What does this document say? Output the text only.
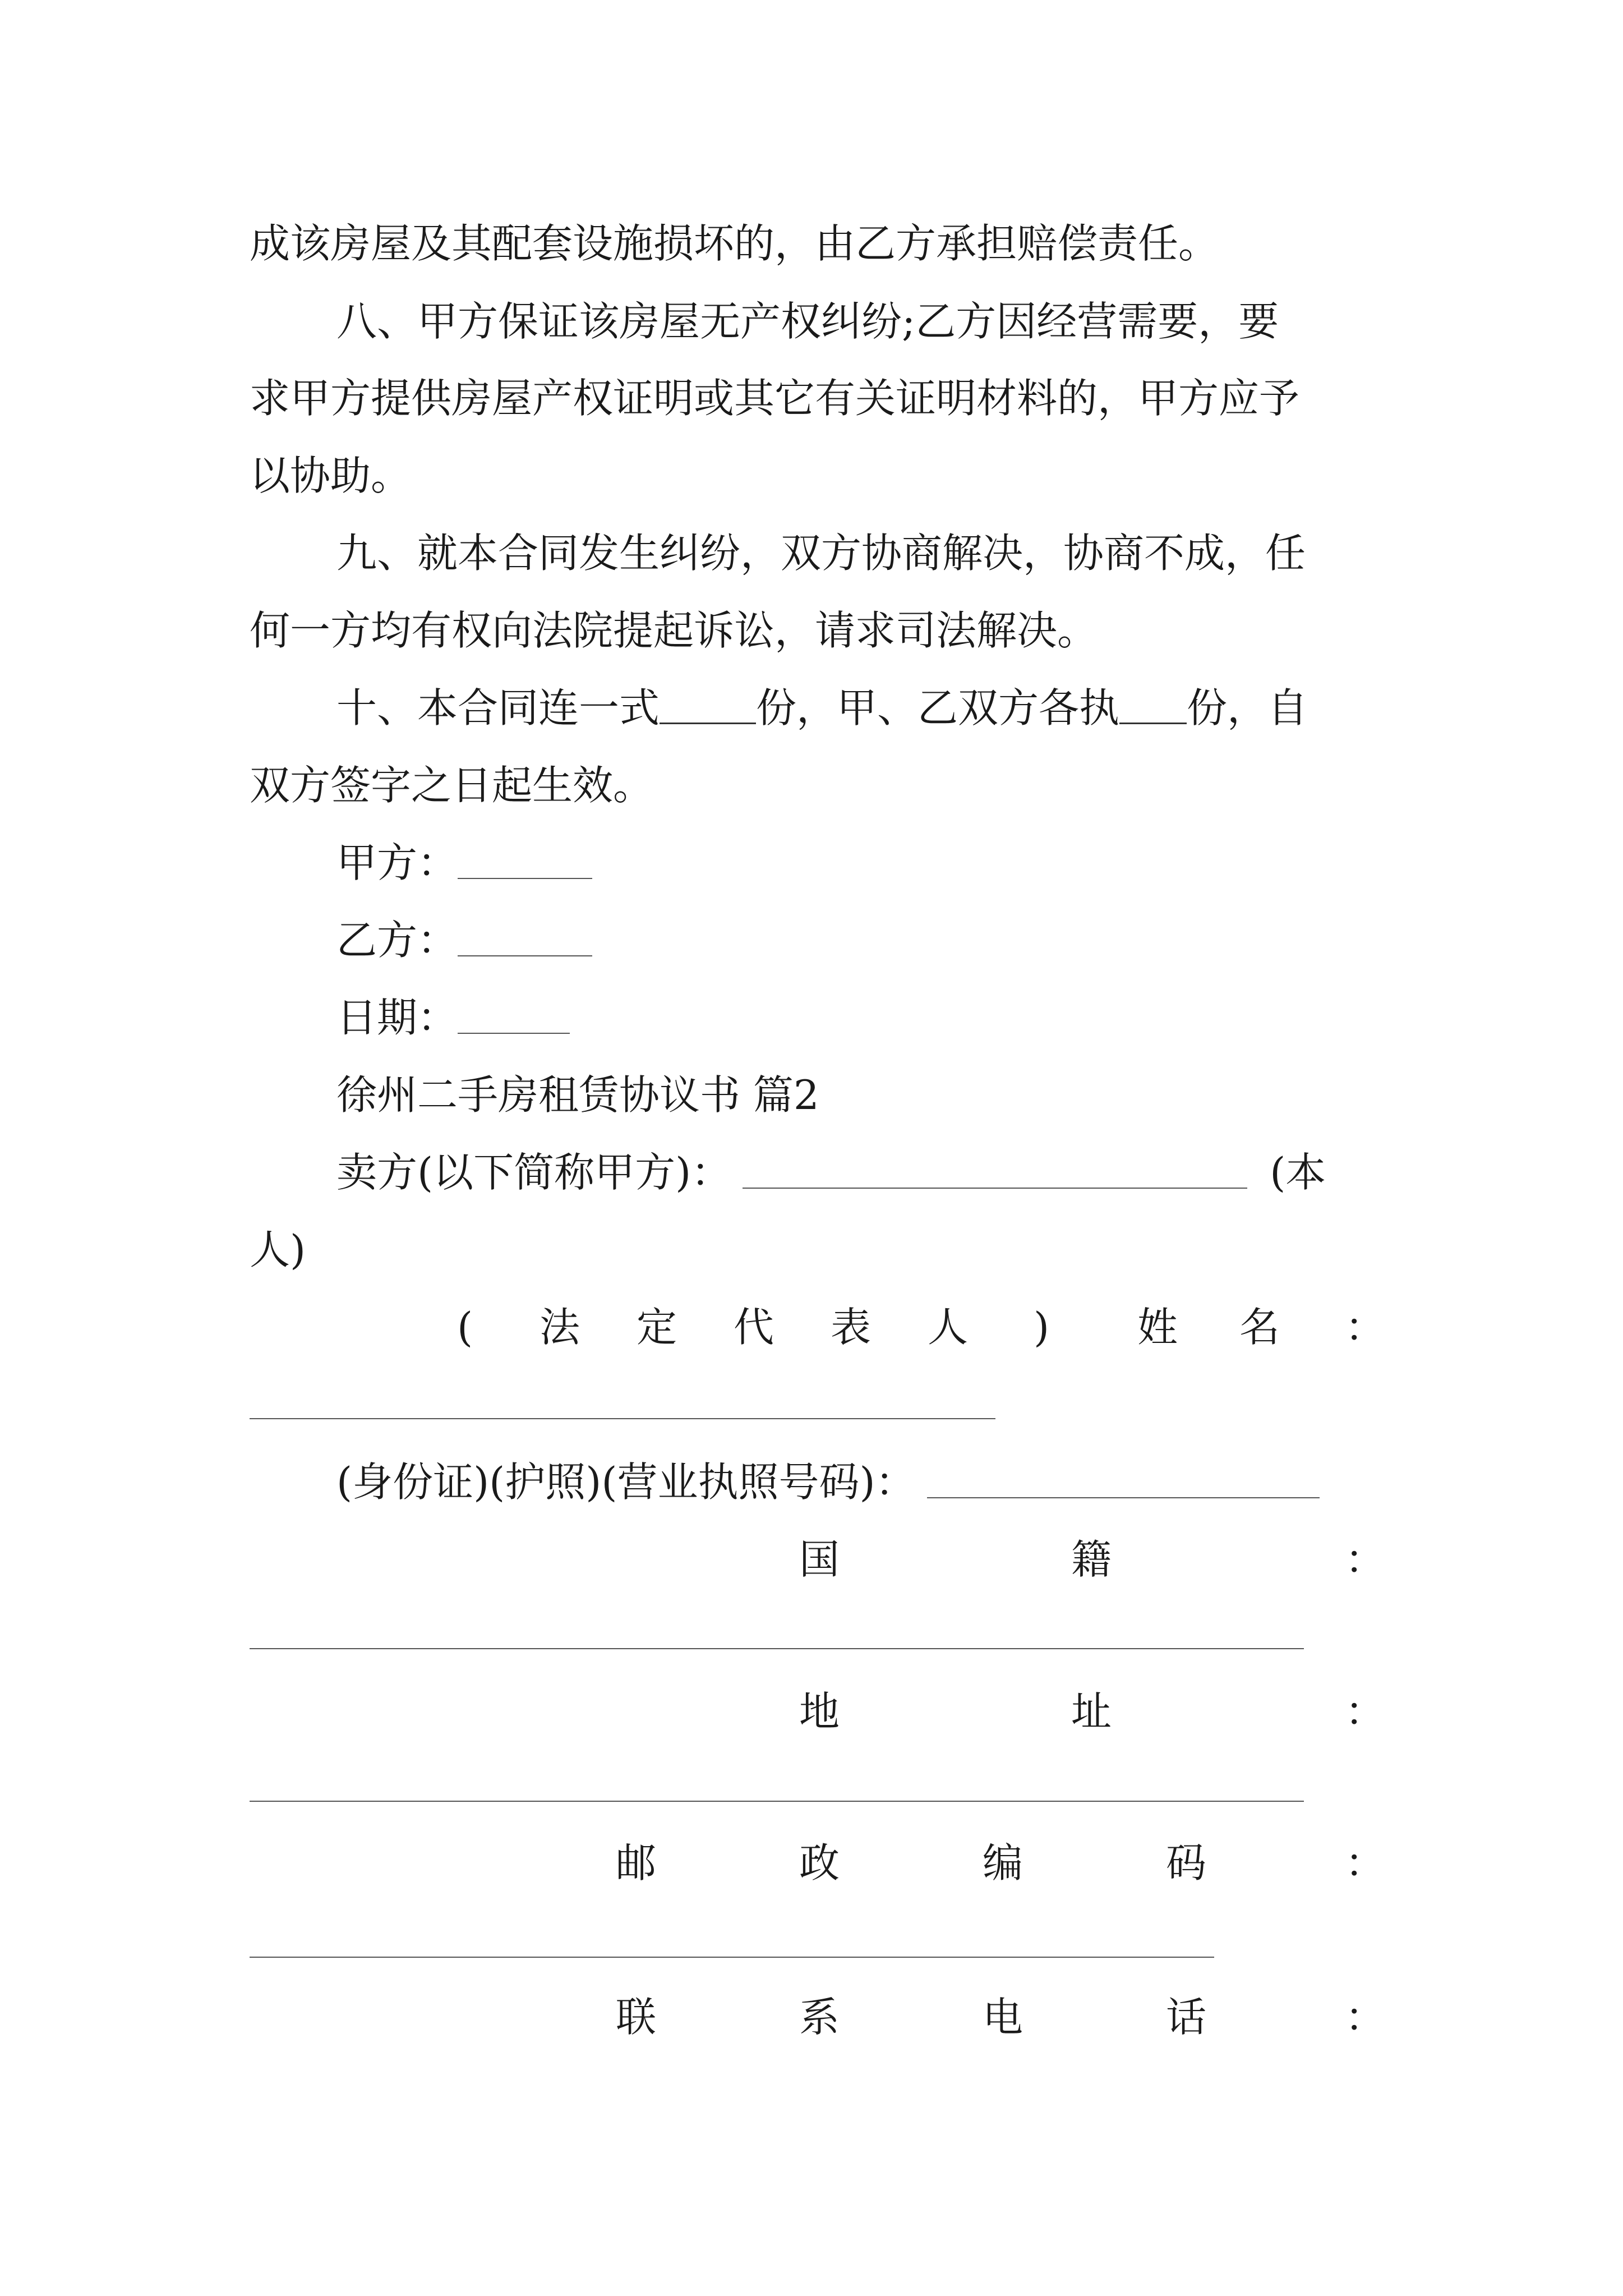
成该房屋及其配套设施损坏的，由乙方承担赔偿责任。
八、甲方保证该房屋无产权纠纷;乙方因经营需要，要
求甲方提供房屋产权证明或其它有关证明材料的，甲方应予
以协助。
九、就本合同发生纠纷，双方协商解决，协商不成，任
何一方均有权向法院提起诉讼，请求司法解决。
十、本合同连一式 份，甲、乙双方各执 份，自
双方签字之日起生效。
甲方：
乙方：
日期：
徐州二手房租赁协议书 篇2
卖方(以下简称甲方)：	(本
人)
( 法 定 代 表 人 ) 姓 名 ：
(身份证)(护照)(营业执照号码)：
国	籍	：
地	址	：
邮	政	编	码	：
联	系	电	话	：
